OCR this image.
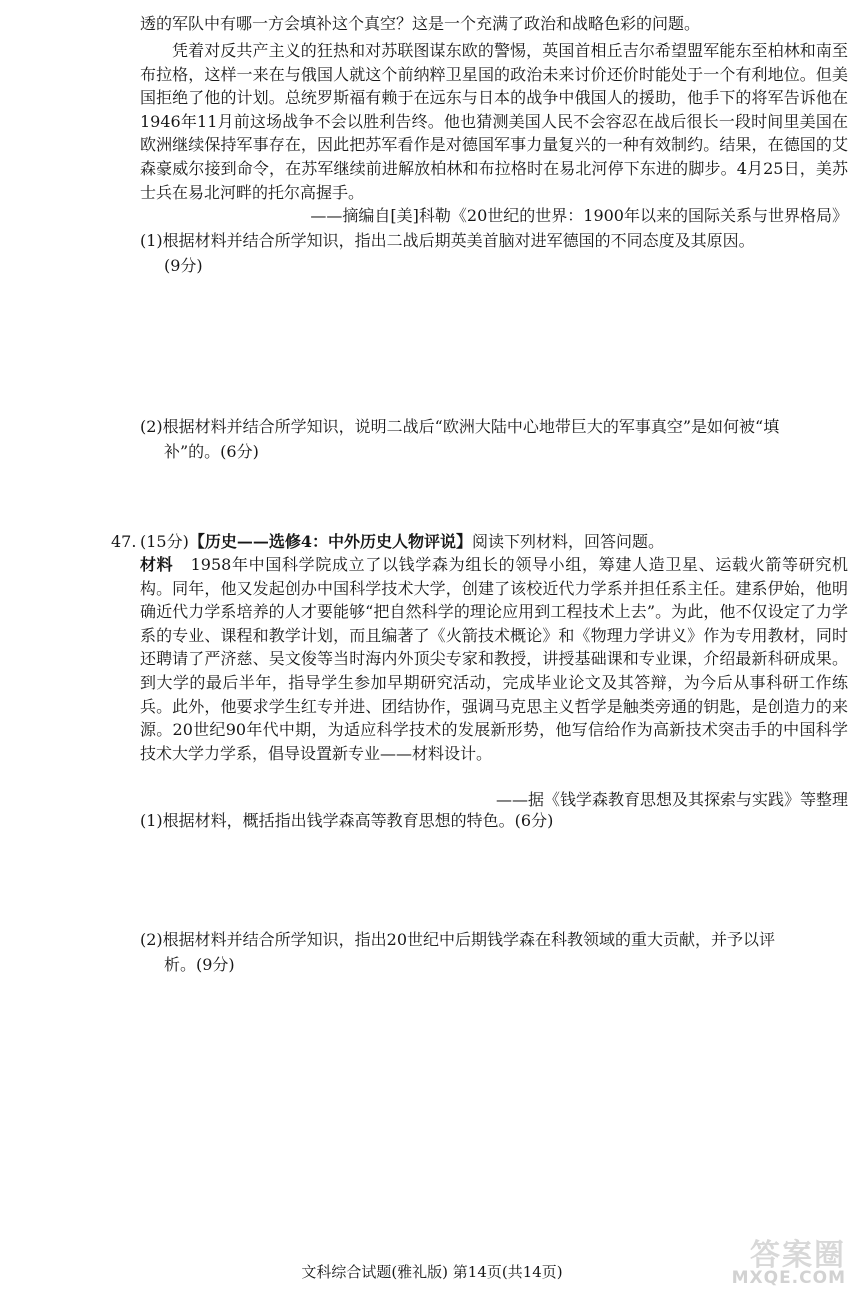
透的军队中有哪一方会填补这个真空？这是一个充满了政治和战略色彩的问题。

凭着对反共产主义的狂热和对苏联图谋东欧的警惕，英国首相丘吉尔希望盟军能东至柏林和南至布拉格，这样一来在与俄国人就这个前纳粹卫星国的政治未来讨价还价时能处于一个有利地位。但美国拒绝了他的计划。总统罗斯福有赖于在远东与日本的战争中俄国人的援助，他手下的将军告诉他在1946年11月前这场战争不会以胜利告终。他也猜测美国人民不会容忍在战后很长一段时间里美国在欧洲继续保持军事存在，因此把苏军看作是对德国军事力量复兴的一种有效制约。结果，在德国的艾森豪威尔接到命令，在苏军继续前进解放柏林和布拉格时在易北河停下东进的脚步。4月25日，美苏士兵在易北河畔的托尔高握手。

——摘编自[美]科勒《20世纪的世界：1900年以来的国际关系与世界格局》

(1)根据材料并结合所学知识，指出二战后期英美首脑对进军德国的不同态度及其原因。
(9分)
(2)根据材料并结合所学知识，说明二战后“欧洲大陆中心地带巨大的军事真空”是如何被“填
补”的。(6分)
47. (15分)【历史——选修4：中外历史人物评说】阅读下列材料，回答问题。

材料 1958年中国科学院成立了以钱学森为组长的领导小组，筹建人造卫星、运载火箭等研究机构。同年，他又发起创办中国科学技术大学，创建了该校近代力学系并担任系主任。建系伊始，他明确近代力学系培养的人才要能够“把自然科学的理论应用到工程技术上去”。为此，他不仅设定了力学系的专业、课程和教学计划，而且编著了《火箭技术概论》和《物理力学讲义》作为专用教材，同时还聘请了严济慈、吴文俊等当时海内外顶尖专家和教授，讲授基础课和专业课，介绍最新科研成果。到大学的最后半年，指导学生参加早期研究活动，完成毕业论文及其答辩，为今后从事科研工作练兵。此外，他要求学生红专并进、团结协作，强调马克思主义哲学是触类旁通的钥匙，是创造力的来源。20世纪90年代中期，为适应科学技术的发展新形势，他写信给作为高新技术突击手的中国科学技术大学力学系，倡导设置新专业——材料设计。

——据《钱学森教育思想及其探索与实践》等整理

(1)根据材料，概括指出钱学森高等教育思想的特色。(6分)
(2)根据材料并结合所学知识，指出20世纪中后期钱学森在科教领域的重大贡献，并予以评
析。(9分)
文科综合试题(雅礼版) 第14页(共14页)	答案圈
MXQE.COM
